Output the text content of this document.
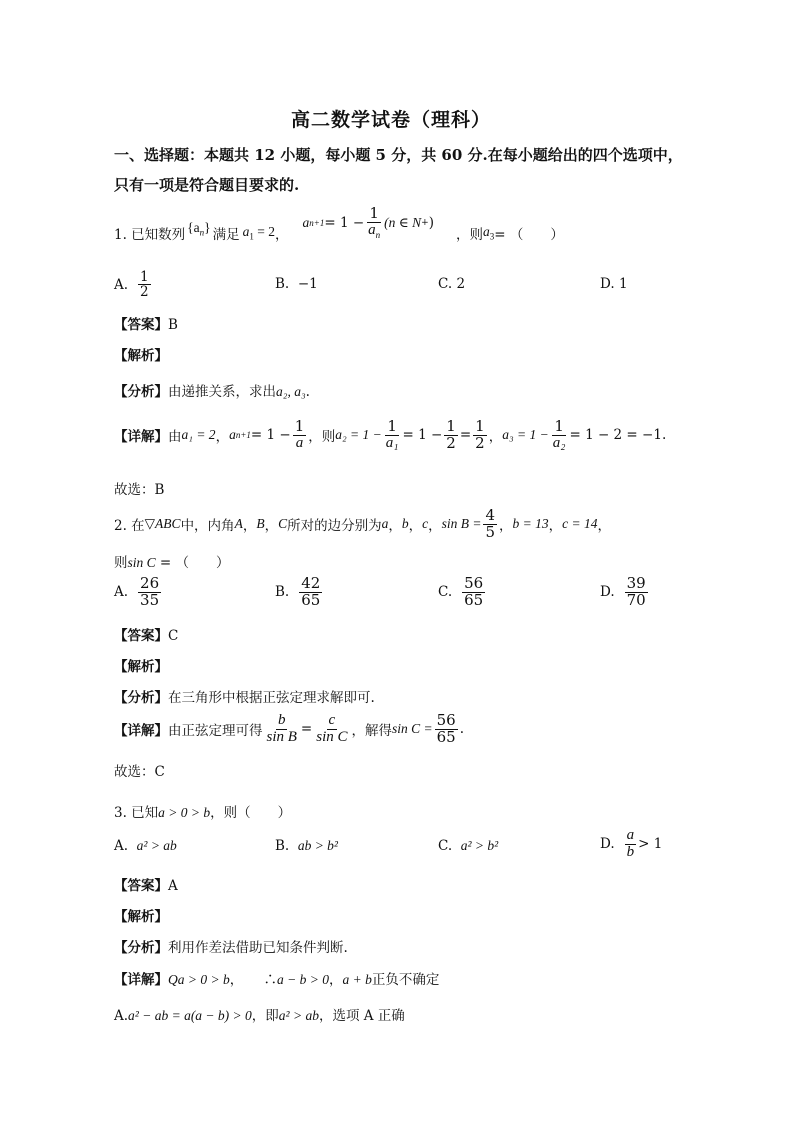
高二数学试卷（理科）
一、选择题：本题共 12 小题，每小题 5 分，共 60 分.在每小题给出的四个选项中，
只有一项是符合题目要求的.
1. 已知数列 $\{a_n\}$ 满足 $a_1 = 2$ ，
a $n+1 = 1 - \frac{1}{a_n} (n$ ∈ N + )
，则 $a_3$ = （　　）
A. $\frac{1}{2}$	B. −1	C. 2	D. 1
【答案】B
【解析】
【分析】由递推关系，求出a₂, a₃.
【详解】 由 a₁ = 2 ， a $n+1 = 1 - \frac{1}{a}$ ，则 $a_2 = 1 - \frac{1}{\text{a₁}} = 1 - \frac{1}{2} = \frac{1}{2}$ ， $a_3 = 1 - \frac{1}{\text{a₂}} = 1 - 2 = -1$.
故选：B
2. 在 ▽ABC 中，内角 A ， B ， C 所对的边分别为 a ， b ， c ， $\sin B = \frac{4}{5}$ ， b = 13 ， c = 14 ，
则sin C = （　　）
A. $\frac{26}{35}$	B. $\frac{42}{65}$	C. $\frac{56}{65}$	D. $\frac{39}{70}$
【答案】C
【解析】
【分析】在三角形中根据正弦定理求解即可.
【详解】 由正弦定理可得 $\frac{b}{\text{sin B}} = \frac{c}{\text{sin C}}$ ，解得 $\sin C = \frac{56}{65}$ .
故选：C
3. 已知a > 0 > b，则（　　）
A. a² > ab	B. ab > b²	C. a² > b²	D. $\frac{a}{b} > 1$
【答案】A
【解析】
【分析】利用作差法借助已知条件判断.
【详解】Qa > 0 > b，　　∴a − b > 0，a + b正负不确定
A.a² − ab = a(a − b) > 0，即a² > ab，选项 A 正确
